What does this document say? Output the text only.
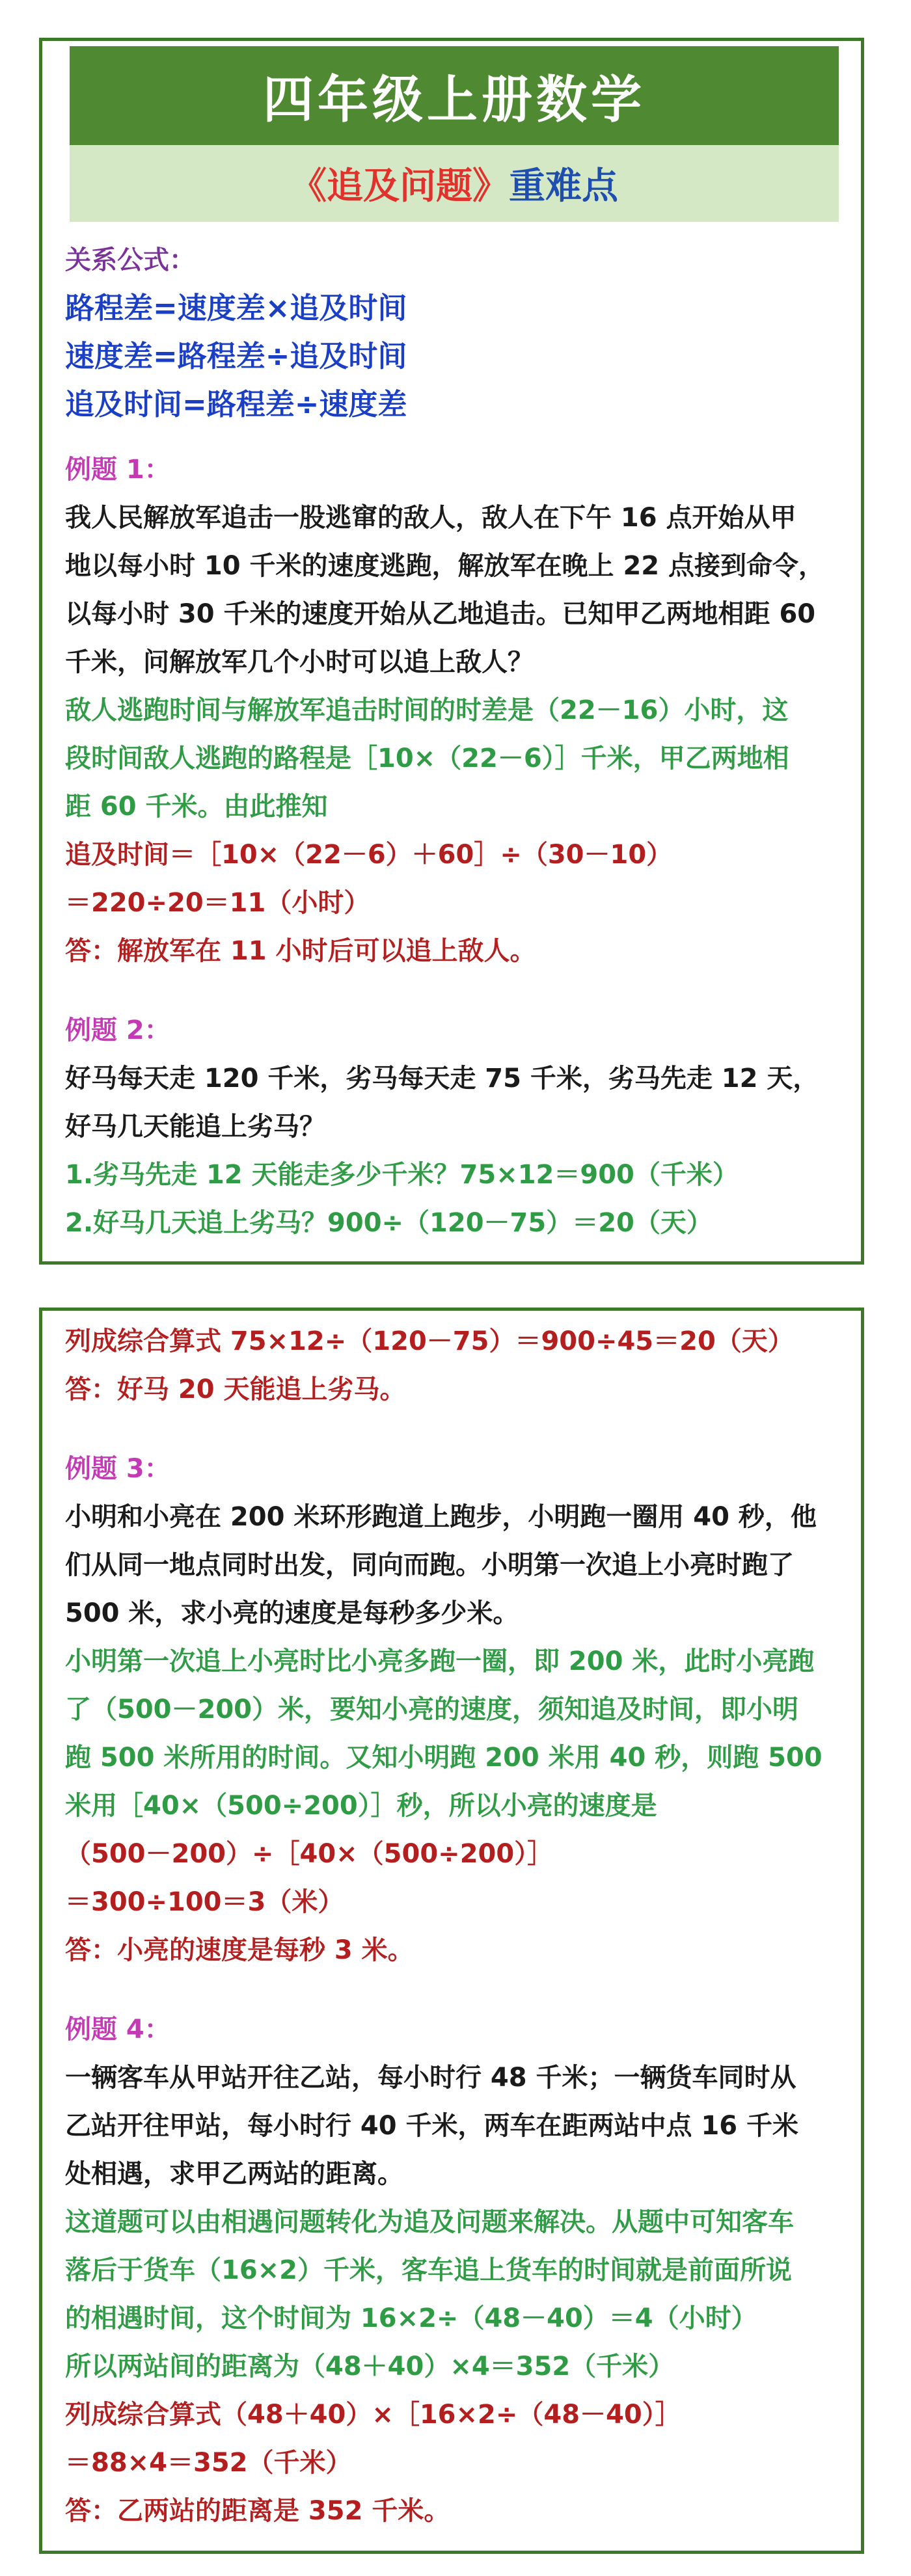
四年级上册数学
《追及问题》 重难点
关系公式：
路程差=速度差×追及时间
速度差=路程差÷追及时间
追及时间=路程差÷速度差
例题 1：
我人民解放军追击一股逃窜的敌人，敌人在下午 16 点开始从甲
地以每小时 10 千米的速度逃跑，解放军在晚上 22 点接到命令，
以每小时 30 千米的速度开始从乙地追击。已知甲乙两地相距 60
千米，问解放军几个小时可以追上敌人？
敌人逃跑时间与解放军追击时间的时差是（22－16）小时，这
段时间敌人逃跑的路程是［10×（22－6）］千米，甲乙两地相
距 60 千米。由此推知
追及时间＝［10×（22－6）＋60］÷（30－10）
＝220÷20＝11（小时）
答：解放军在 11 小时后可以追上敌人。
例题 2：
好马每天走 120 千米，劣马每天走 75 千米，劣马先走 12 天，
好马几天能追上劣马？
1.劣马先走 12 天能走多少千米？75×12＝900（千米）
2.好马几天追上劣马？900÷（120－75）＝20（天）
列成综合算式 75×12÷（120－75）＝900÷45＝20（天）
答：好马 20 天能追上劣马。
例题 3：
小明和小亮在 200 米环形跑道上跑步，小明跑一圈用 40 秒，他
们从同一地点同时出发，同向而跑。小明第一次追上小亮时跑了
500 米，求小亮的速度是每秒多少米。
小明第一次追上小亮时比小亮多跑一圈，即 200 米，此时小亮跑
了（500－200）米，要知小亮的速度，须知追及时间，即小明
跑 500 米所用的时间。又知小明跑 200 米用 40 秒，则跑 500
米用［40×（500÷200）］秒，所以小亮的速度是
（500－200）÷［40×（500÷200）］
＝300÷100＝3（米）
答：小亮的速度是每秒 3 米。
例题 4：
一辆客车从甲站开往乙站，每小时行 48 千米；一辆货车同时从
乙站开往甲站，每小时行 40 千米，两车在距两站中点 16 千米
处相遇，求甲乙两站的距离。
这道题可以由相遇问题转化为追及问题来解决。从题中可知客车
落后于货车（16×2）千米，客车追上货车的时间就是前面所说
的相遇时间，这个时间为 16×2÷（48－40）＝4（小时）
所以两站间的距离为（48＋40）×4＝352（千米）
列成综合算式（48＋40）×［16×2÷（48－40）］
＝88×4＝352（千米）
答：乙两站的距离是 352 千米。
